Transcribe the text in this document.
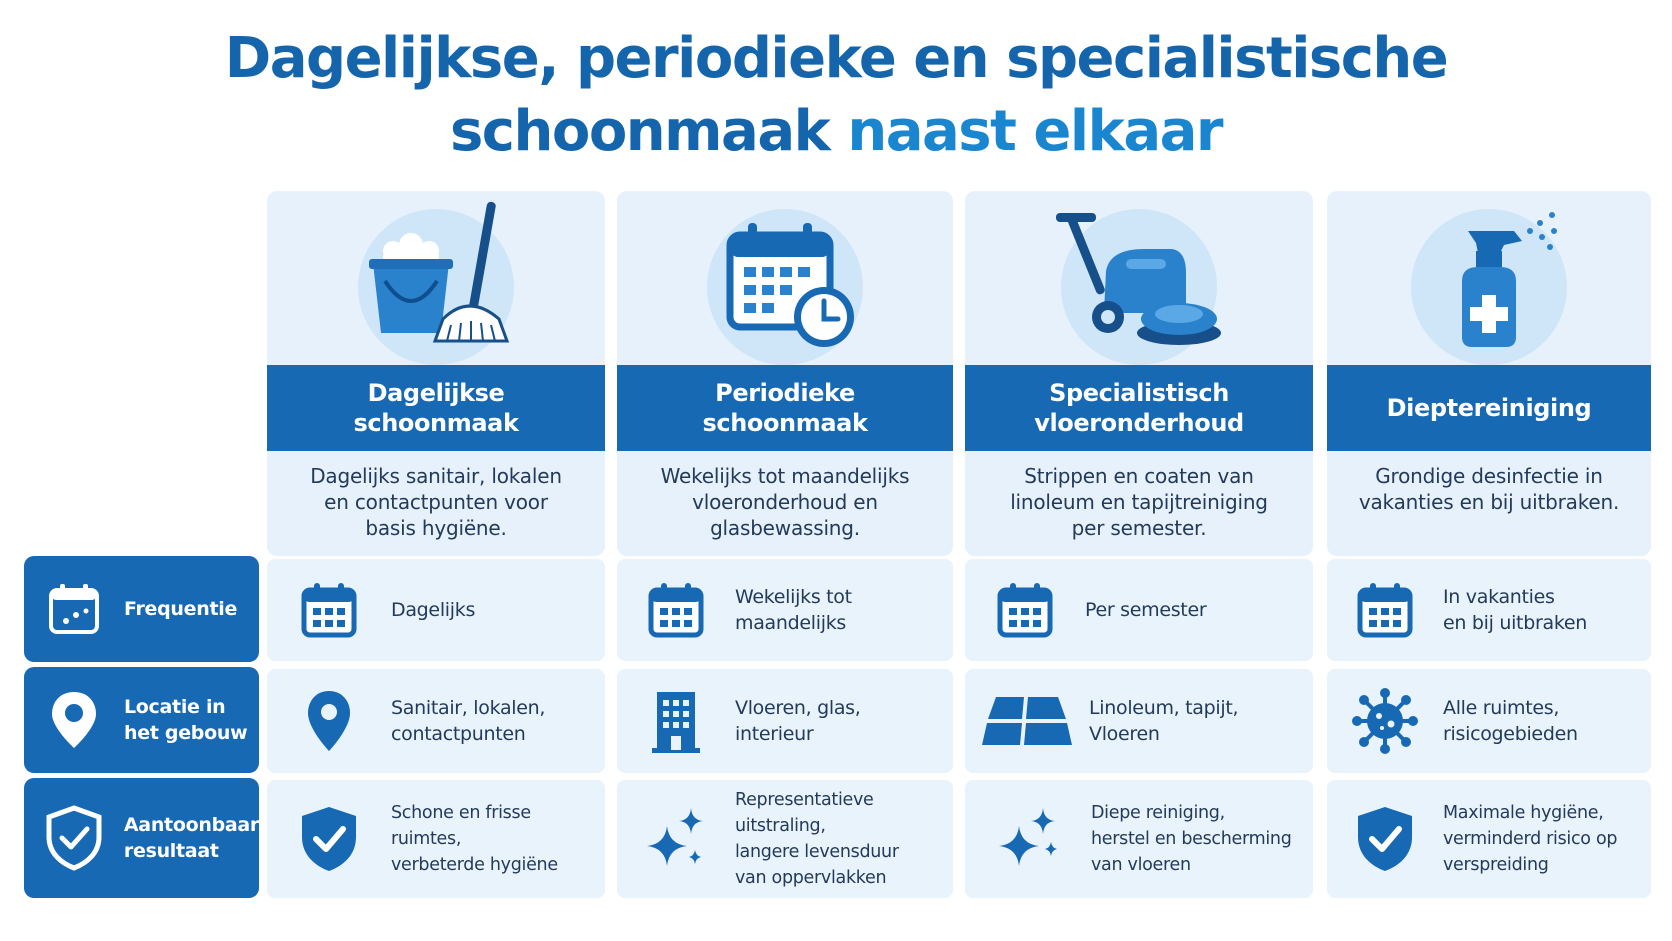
Dagelijkse, periodieke en specialistische
schoonmaak naast elkaar
Dagelijkse
schoonmaak
Dagelijks sanitair, lokalen
en contactpunten voor
basis hygiëne.
Periodieke
schoonmaak
Wekelijks tot maandelijks
vloeronderhoud en
glasbewassing.
Specialistisch
vloeronderhoud
Strippen en coaten van
linoleum en tapijtreiniging
per semester.
Dieptereiniging
Grondige desinfectie in
vakanties en bij uitbraken.
Frequentie
Locatie in
het gebouw
Aantoonbaar
resultaat
Dagelijks
Wekelijks tot
maandelijks
Per semester
In vakanties
en bij uitbraken
Sanitair, lokalen,
contactpunten
Vloeren, glas,
interieur
Linoleum, tapijt,
Vloeren
Alle ruimtes,
risicogebieden
Schone en frisse ruimtes,
verbeterde hygiëne
Representatieve uitstraling,
langere levensduur
van oppervlakken
Diepe reiniging,
herstel en bescherming
van vloeren
Maximale hygiëne,
verminderd risico op
verspreiding
